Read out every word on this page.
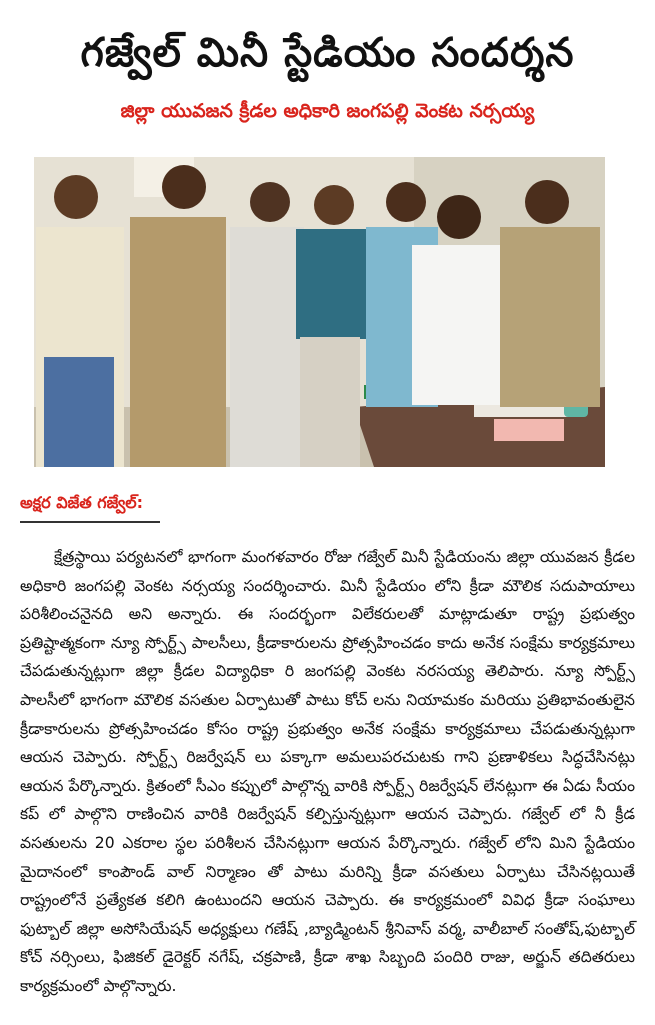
గజ్వేల్ మినీ స్టేడియం సందర్శన
జిల్లా యువజన క్రీడల అధికారి జంగపల్లి వెంకట నర్సయ్య
అక్షర విజేత గజ్వేల్:

క్షేత్రస్థాయి పర్యటనలో భాగంగా మంగళవారం రోజు గజ్వేల్ మినీ స్టేడియంను జిల్లా యువజన క్రీడల అధికారి జంగపల్లి వెంకట నర్సయ్య సందర్శించారు. మినీ స్టేడియం లోని క్రీడా మౌలిక సదుపాయాలు పరిశీలించనైనది అని అన్నారు. ఈ సందర్భంగా విలేకరులతో మాట్లాడుతూ రాష్ట్ర ప్రభుత్వం ప్రతిష్టాత్మకంగా న్యూ స్పోర్ట్స్ పాలసీలు, క్రీడాకారులను ప్రోత్సహించడం కాదు అనేక సంక్షేమ కార్యక్రమాలు చేపడుతున్నట్లుగా జిల్లా క్రీడల విద్యాధికా రి జంగపల్లి వెంకట నరసయ్య తెలిపారు. న్యూ స్పోర్ట్స్ పాలసీలో భాగంగా మౌలిక వసతుల ఏర్పాటుతో పాటు కోచ్ లను నియామకం మరియు ప్రతిభావంతులైన క్రీడాకారులను ప్రోత్సహించడం కోసం రాష్ట్ర ప్రభుత్వం అనేక సంక్షేమ కార్యక్రమాలు చేపడుతున్నట్లుగా ఆయన చెప్పారు. స్పోర్ట్స్ రిజర్వేషన్ లు పక్కాగా అమలుపరచుటకు గాని ప్రణాళికలు సిద్ధచేసినట్లు ఆయన పేర్కొన్నారు. క్రితంలో సీఎం కప్పులో పాల్గొన్న వారికి స్పోర్ట్స్ రిజర్వేషన్ లేనట్లుగా ఈ ఏడు సీయం కప్ లో పాల్గొని రాణించిన వారికి రిజర్వేషన్ కల్పిస్తున్నట్లుగా ఆయన చెప్పారు. గజ్వేల్ లో నీ క్రీడ వసతులను 20 ఎకరాల స్థల పరిశీలన చేసినట్లుగా ఆయన పేర్కొన్నారు. గజ్వేల్ లోని మిని స్టేడియం మైదానంలో కాంపౌండ్ వాల్ నిర్మాణం తో పాటు మరిన్ని క్రీడా వసతులు ఏర్పాటు చేసినట్లయితే రాష్ట్రంలోనే ప్రత్యేకత కలిగి ఉంటుందని ఆయన చెప్పారు. ఈ కార్యక్రమంలో వివిధ క్రీడా సంఘాలు ఫుట్బాల్ జిల్లా అసోసియేషన్ అధ్యక్షులు గణేష్ ,బ్యాడ్మింటన్ శ్రీనివాస్ వర్మ, వాలీబాల్ సంతోష్,ఫుట్బాల్ కోచ్ నర్సింలు, ఫిజికల్ డైరెక్టర్ నగేష్, చక్రపాణి, క్రీడా శాఖ సిబ్బంది పందిరి రాజు, అర్జున్ తదితరులు కార్యక్రమంలో పాల్గొన్నారు.
